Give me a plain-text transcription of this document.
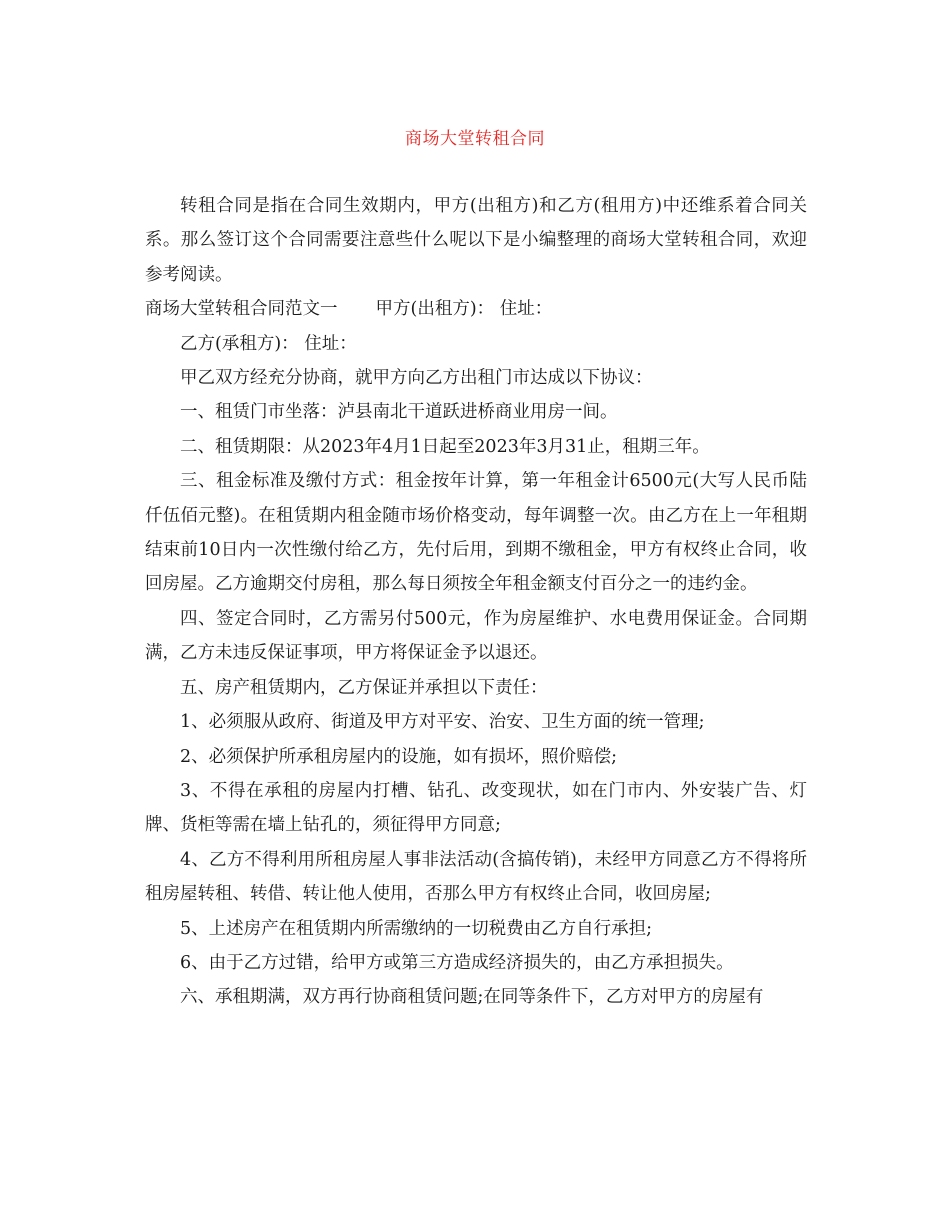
商场大堂转租合同

转租合同是指在合同生效期内，甲方(出租方)和乙方(租用方)中还维系着合同关系。那么签订这个合同需要注意些什么呢以下是小编整理的商场大堂转租合同，欢迎参考阅读。

商场大堂转租合同范文一 甲方(出租方)： 住址：

乙方(承租方)： 住址：

甲乙双方经充分协商，就甲方向乙方出租门市达成以下协议：

一、租赁门市坐落：泸县南北干道跃进桥商业用房一间。

二、租赁期限：从2023年4月1日起至2023年3月31止，租期三年。

三、租金标准及缴付方式：租金按年计算，第一年租金计6500元(大写人民币陆仟伍佰元整)。在租赁期内租金随市场价格变动，每年调整一次。由乙方在上一年租期结束前10日内一次性缴付给乙方，先付后用，到期不缴租金，甲方有权终止合同，收回房屋。乙方逾期交付房租，那么每日须按全年租金额支付百分之一的违约金。

四、签定合同时，乙方需另付500元，作为房屋维护、水电费用保证金。合同期满，乙方未违反保证事项，甲方将保证金予以退还。

五、房产租赁期内，乙方保证并承担以下责任：

1、必须服从政府、街道及甲方对平安、治安、卫生方面的统一管理;

2、必须保护所承租房屋内的设施，如有损坏，照价赔偿;

3、不得在承租的房屋内打槽、钻孔、改变现状，如在门市内、外安装广告、灯牌、货柜等需在墙上钻孔的，须征得甲方同意;

4、乙方不得利用所租房屋人事非法活动(含搞传销)，未经甲方同意乙方不得将所租房屋转租、转借、转让他人使用，否那么甲方有权终止合同，收回房屋;

5、上述房产在租赁期内所需缴纳的一切税费由乙方自行承担;

6、由于乙方过错，给甲方或第三方造成经济损失的，由乙方承担损失。

六、承租期满，双方再行协商租赁问题;在同等条件下，乙方对甲方的房屋有
